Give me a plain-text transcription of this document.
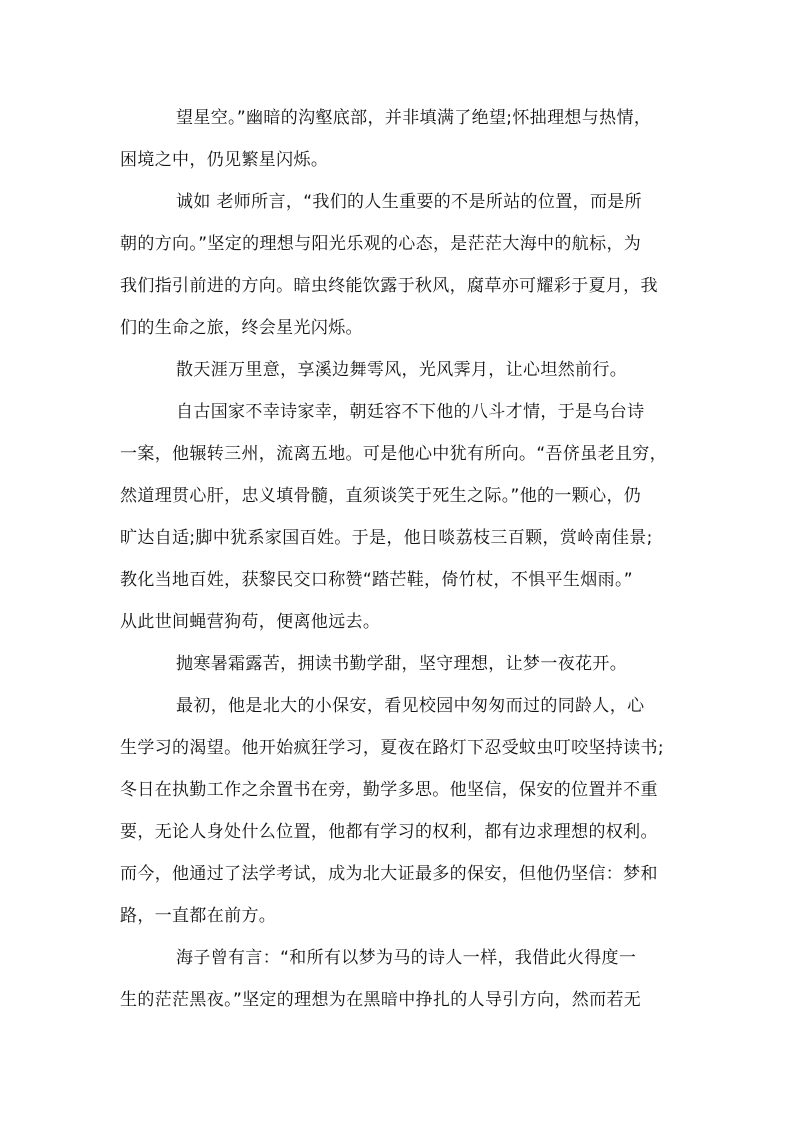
望星空。”幽暗的沟壑底部，并非填满了绝望;怀拙理想与热情，
困境之中，仍见繁星闪烁。
诚如 老师所言，“我们的人生重要的不是所站的位置，而是所
朝的方向。”坚定的理想与阳光乐观的心态，是茫茫大海中的航标，为
我们指引前进的方向。暗虫终能饮露于秋风，腐草亦可耀彩于夏月，我
们的生命之旅，终会星光闪烁。
散天涯万里意，享溪边舞雩风，光风霁月，让心坦然前行。
自古国家不幸诗家幸，朝廷容不下他的八斗才情，于是乌台诗
一案，他辗转三州，流离五地。可是他心中犹有所向。“吾侪虽老且穷，
然道理贯心肝，忠义填骨髓，直须谈笑于死生之际。”他的一颗心，仍
旷达自适;脚中犹系家国百姓。于是，他日啖荔枝三百颗，赏岭南佳景;
教化当地百姓，获黎民交口称赞“踏芒鞋，倚竹杖，不惧平生烟雨。”
从此世间蝇营狗苟，便离他远去。
抛寒暑霜露苦，拥读书勤学甜，坚守理想，让梦一夜花开。
最初，他是北大的小保安，看见校园中匆匆而过的同龄人，心
生学习的渴望。他开始疯狂学习，夏夜在路灯下忍受蚊虫叮咬坚持读书;
冬日在执勤工作之余置书在旁，勤学多思。他坚信，保安的位置并不重
要，无论人身处什么位置，他都有学习的权利，都有边求理想的权利。
而今，他通过了法学考试，成为北大证最多的保安，但他仍坚信：梦和
路，一直都在前方。
海子曾有言：“和所有以梦为马的诗人一样，我借此火得度一
生的茫茫黑夜。”坚定的理想为在黑暗中挣扎的人导引方向，然而若无
